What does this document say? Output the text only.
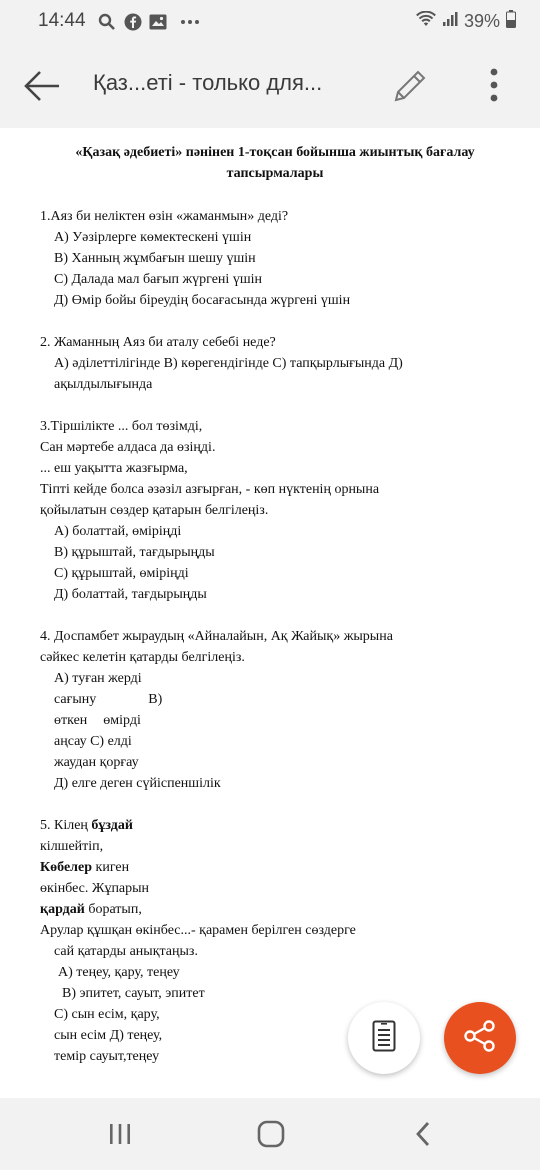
14:44	39%
Қаз...еті - только для...
«Қазақ әдебиеті» пәнінен 1-тоқсан бойынша жиынтық бағалау
тапсырмалары
1.Аяз би неліктен өзін «жаманмын» деді?
А) Уәзірлерге көмектескені үшін
В) Ханның жұмбағын шешу үшін
С) Далада мал бағып жүргені үшін
Д) Өмір бойы біреудің босағасында жүргені үшін
2. Жаманның Аяз би аталу себебі неде?
А) әділеттілігінде В) көрегендігінде С) тапқырлығында Д)
ақылдылығында
3.Тіршілікте ... бол төзімді,
Сан мәртебе алдаса да өзіңді.
... еш уақытта жазғырма,
Тіпті кейде болса әзәзіл азғырған, - көп нүктенің орнына
қойылатын сөздер қатарын белгілеңіз.
А) болаттай, өміріңді
В) құрыштай, тағдырыңды
С) құрыштай, өміріңді
Д) болаттай, тағдырыңды
4. Доспамбет жыраудың «Айналайын, Ақ Жайық» жырына
сәйкес келетін қатарды белгілеңіз.
А) туған жерді
сағыну	В)
өткен өмірді
аңсау С) елді
жаудан қорғау
Д) елге деген сүйіспеншілік
5. Кілең бұздай
кілшейтіп,
Көбелер киген
өкінбес. Жұпарын
қардай боратып,
Арулар құшқан өкінбес...- қарамен берілген сөздерге
сай қатарды анықтаңыз.
А) теңеу, қару, теңеу
В) эпитет, сауыт, эпитет
С) сын есім, қару,
сын есім Д) теңеу,
темір сауыт,теңеу
